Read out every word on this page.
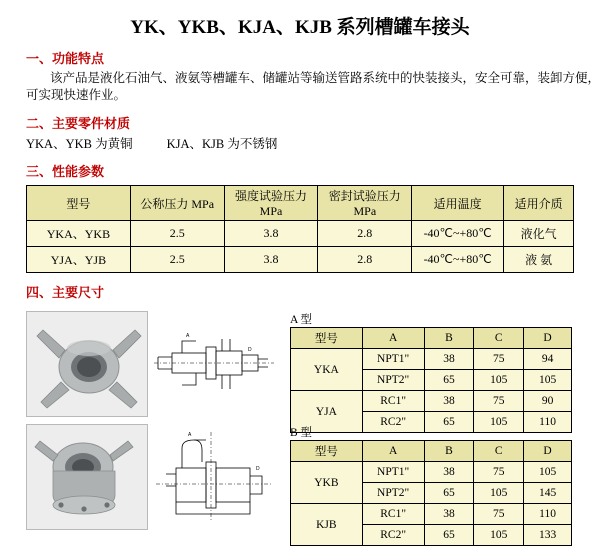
YK、YKB、KJA、KJB 系列槽罐车接头
一、功能特点
该产品是液化石油气、液氨等槽罐车、储罐站等输送管路系统中的快装接头，安全可靠，装卸方便，可实现快速作业。
二、主要零件材质
YKA、YKB 为黄铜	KJA、KJB 为不锈钢
三、性能参数
型号	公称压力 MPa	强度试验压力 MPa	密封试验压力 MPa	适用温度	适用介质
YKA、YKB	2.5	3.8	2.8	-40℃~+80℃	液化气
YJA、YJB	2.5	3.8	2.8	-40℃~+80℃	液 氨
四、主要尺寸
A
D
A 型
型号	A	B	C	D
YKA	NPT1"	38	75	94
	NPT2"	65	105	105
YJA	RC1"	38	75	90
	RC2"	65	105	110
A
D
B 型
型号	A	B	C	D
YKB	NPT1"	38	75	105
	NPT2"	65	105	145
KJB	RC1"	38	75	110
	RC2"	65	105	133
